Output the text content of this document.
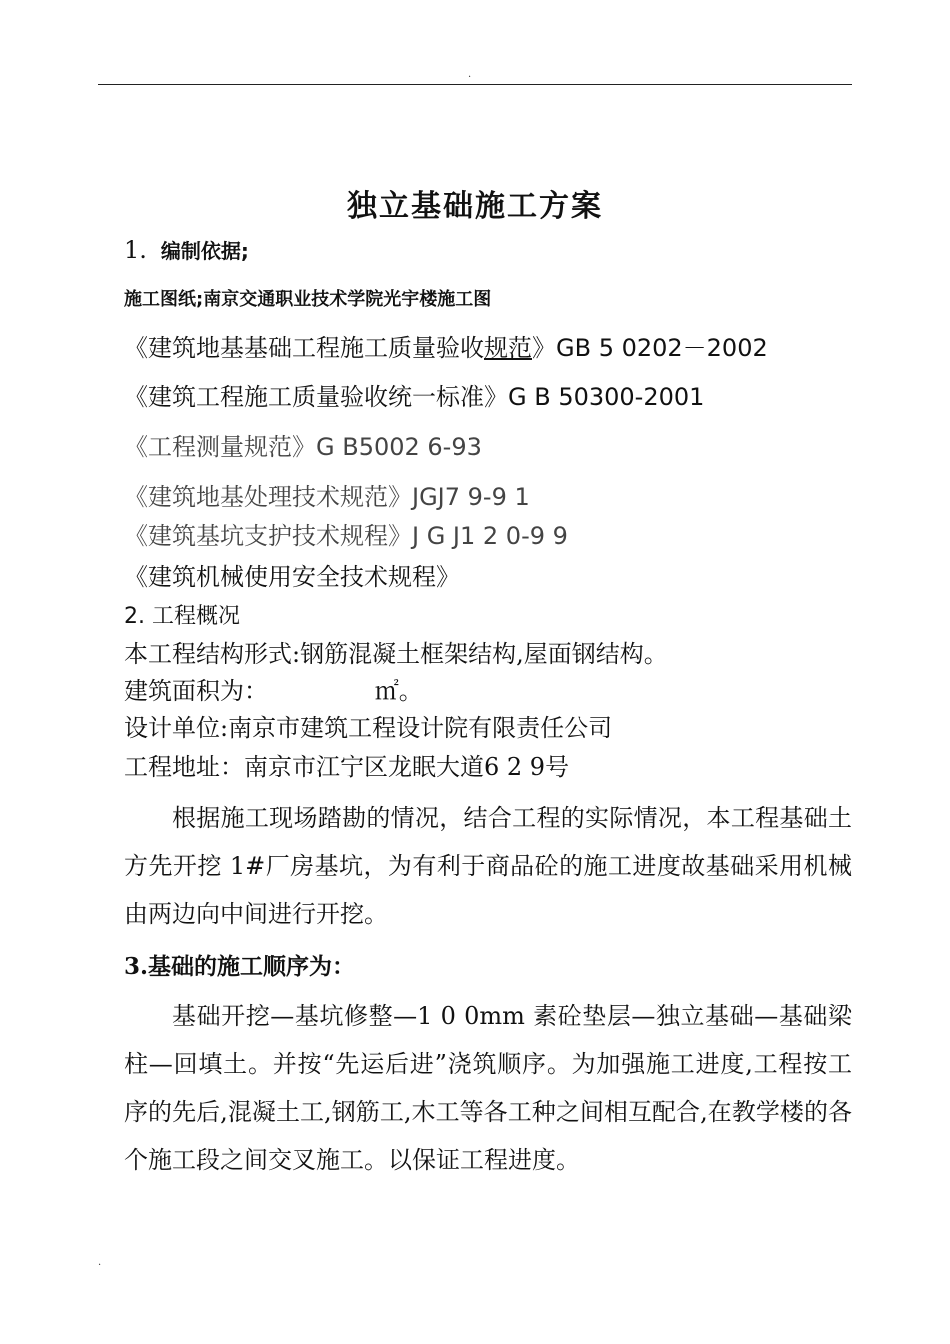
.
独立基础施工方案
1. 编制依据;
施工图纸;南京交通职业技术学院光宇楼施工图
《建筑地基基础工程施工质量验收规范》GB 5 0202－2002
《建筑工程施工质量验收统一标准》G B 50300-2001
《工程测量规范》G B5002 6-93
《建筑地基处理技术规范》JGJ7 9-9 1
《建筑基坑支护技术规程》J G J1 2 0-9 9
《建筑机械使用安全技术规程》
2. 工程概况
本工程结构形式:钢筋混凝土框架结构,屋面钢结构。
建筑面积为：              ㎡。
设计单位:南京市建筑工程设计院有限责任公司
工程地址：南京市江宁区龙眠大道6 2 9号
根据施工现场踏勘的情况，结合工程的实际情况，本工程基础土方先开挖 1#厂房基坑，为有利于商品砼的施工进度故基础采用机械由两边向中间进行开挖。
3.基础的施工顺序为：
基础开挖—基坑修整—1 0 0mm 素砼垫层—独立基础—基础梁柱—回填土。并按“先运后进”浇筑顺序。为加强施工进度,工程按工序的先后,混凝土工,钢筋工,木工等各工种之间相互配合,在教学楼的各个施工段之间交叉施工。以保证工程进度。
.
